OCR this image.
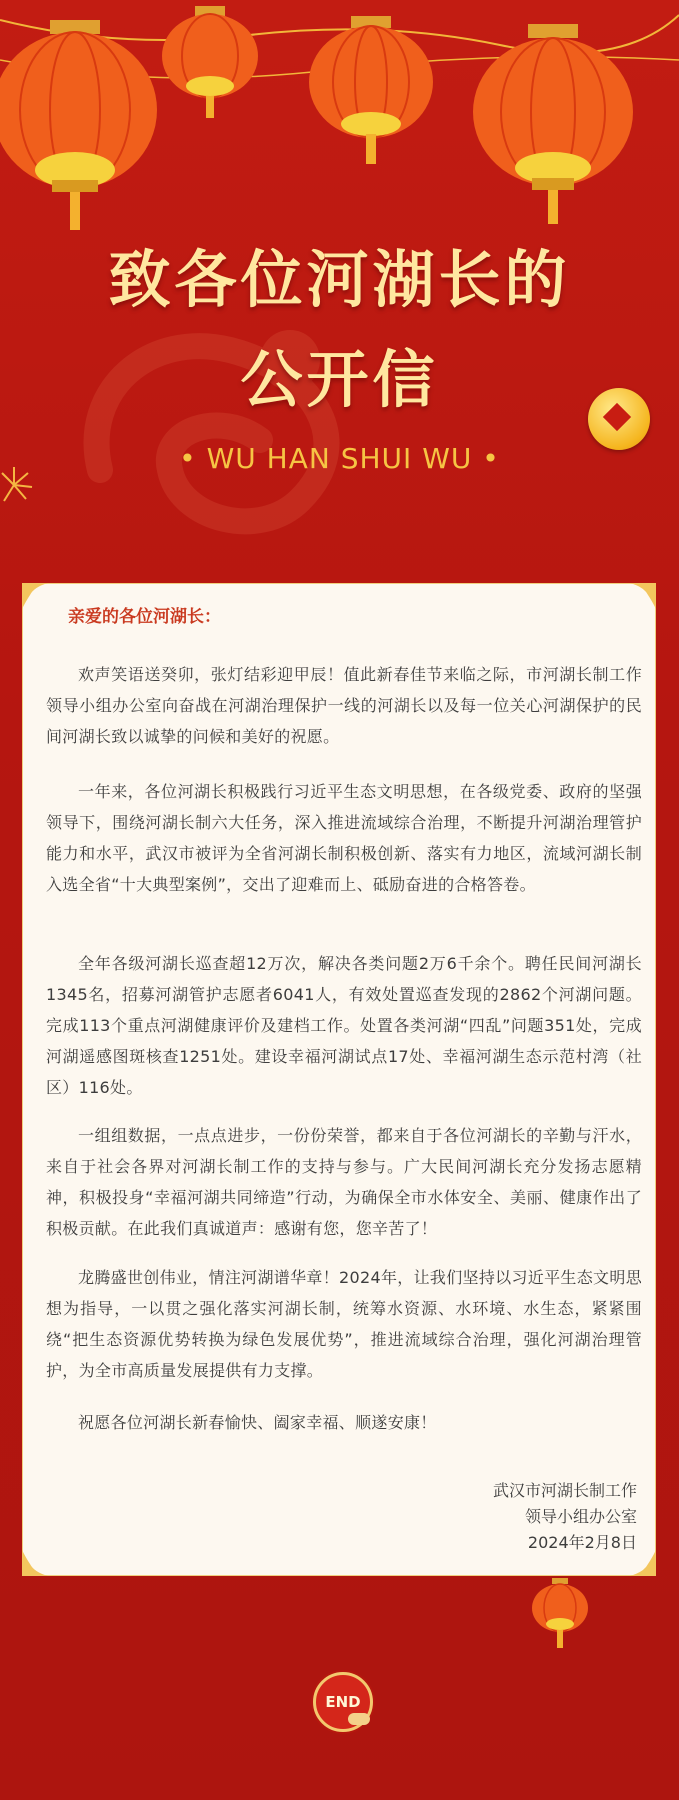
致各位河湖长的
公开信
• WU HAN SHUI WU •
亲爱的各位河湖长：
欢声笑语送癸卯，张灯结彩迎甲辰！值此新春佳节来临之际，市河湖长制工作领导小组办公室向奋战在河湖治理保护一线的河湖长以及每一位关心河湖保护的民间河湖长致以诚挚的问候和美好的祝愿。
一年来，各位河湖长积极践行习近平生态文明思想，在各级党委、政府的坚强领导下，围绕河湖长制六大任务，深入推进流域综合治理，不断提升河湖治理管护能力和水平，武汉市被评为全省河湖长制积极创新、落实有力地区，流域河湖长制入选全省“十大典型案例”，交出了迎难而上、砥励奋进的合格答卷。
全年各级河湖长巡查超12万次，解决各类问题2万6千余个。聘任民间河湖长1345名，招募河湖管护志愿者6041人，有效处置巡查发现的2862个河湖问题。完成113个重点河湖健康评价及建档工作。处置各类河湖“四乱”问题351处，完成河湖遥感图斑核查1251处。建设幸福河湖试点17处、幸福河湖生态示范村湾（社区）116处。
一组组数据，一点点进步，一份份荣誉，都来自于各位河湖长的辛勤与汗水，来自于社会各界对河湖长制工作的支持与参与。广大民间河湖长充分发扬志愿精神，积极投身“幸福河湖共同缔造”行动，为确保全市水体安全、美丽、健康作出了积极贡献。在此我们真诚道声：感谢有您，您辛苦了！
龙腾盛世创伟业，情注河湖谱华章！2024年，让我们坚持以习近平生态文明思想为指导，一以贯之强化落实河湖长制，统筹水资源、水环境、水生态，紧紧围绕“把生态资源优势转换为绿色发展优势”，推进流域综合治理，强化河湖治理管护，为全市高质量发展提供有力支撑。
祝愿各位河湖长新春愉快、阖家幸福、顺遂安康！
武汉市河湖长制工作
领导小组办公室
2024年2月8日
END
